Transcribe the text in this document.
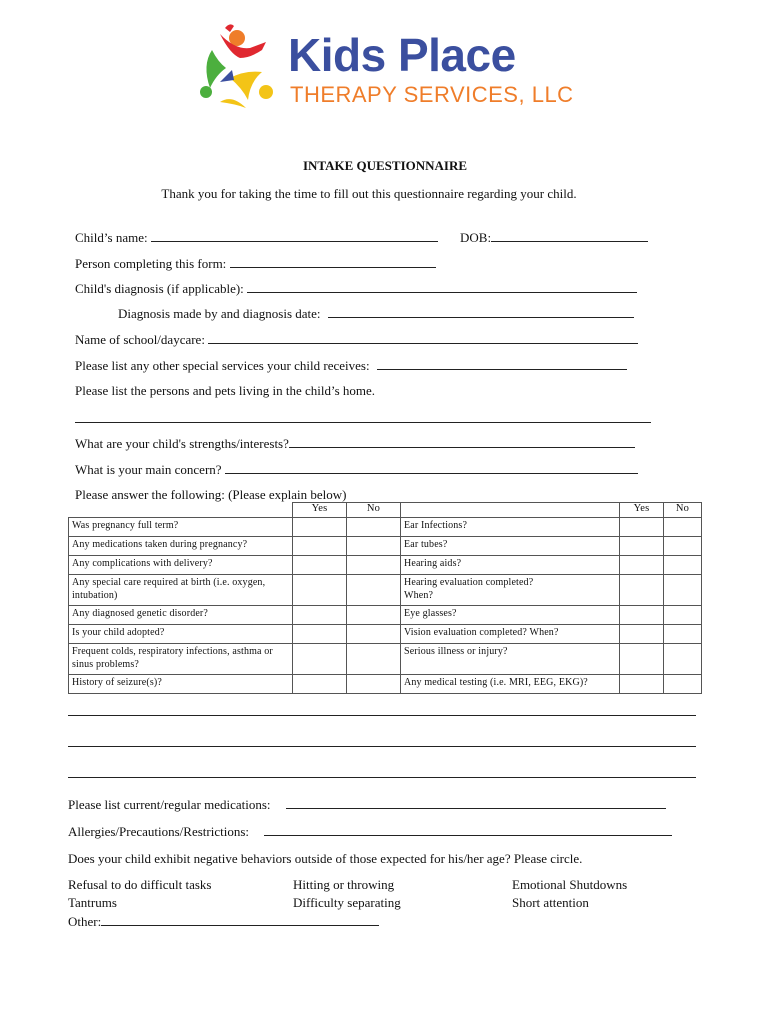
Kids Place
THERAPY SERVICES, LLC
INTAKE QUESTIONNAIRE
Thank you for taking the time to fill out this questionnaire regarding your child.
Child’s name:	DOB:
Person completing this form:
Child's diagnosis (if applicable):
Diagnosis made by and diagnosis date:
Name of school/daycare:
Please list any other special services your child receives:
Please list the persons and pets living in the child’s home.
What are your child's strengths/interests?
What is your main concern?
Please answer the following: (Please explain below)
	Yes	No		Yes	No
Was pregnancy full term?			Ear Infections?		
Any medications taken during pregnancy?			Ear tubes?		
Any complications with delivery?			Hearing aids?		
Any special care required at birth (i.e. oxygen, intubation)			Hearing evaluation completed? When?		
Any diagnosed genetic disorder?			Eye glasses?		
Is your child adopted?			Vision evaluation completed? When?		
Frequent colds, respiratory infections, asthma or sinus problems?			Serious illness or injury?		
History of seizure(s)?			Any medical testing (i.e. MRI, EEG, EKG)?		
Please list current/regular medications:
Allergies/Precautions/Restrictions:
Does your child exhibit negative behaviors outside of those expected for his/her age? Please circle.
Refusal to do difficult tasks
Tantrums
Other:
Hitting or throwing
Difficulty separating
Emotional Shutdowns
Short attention
